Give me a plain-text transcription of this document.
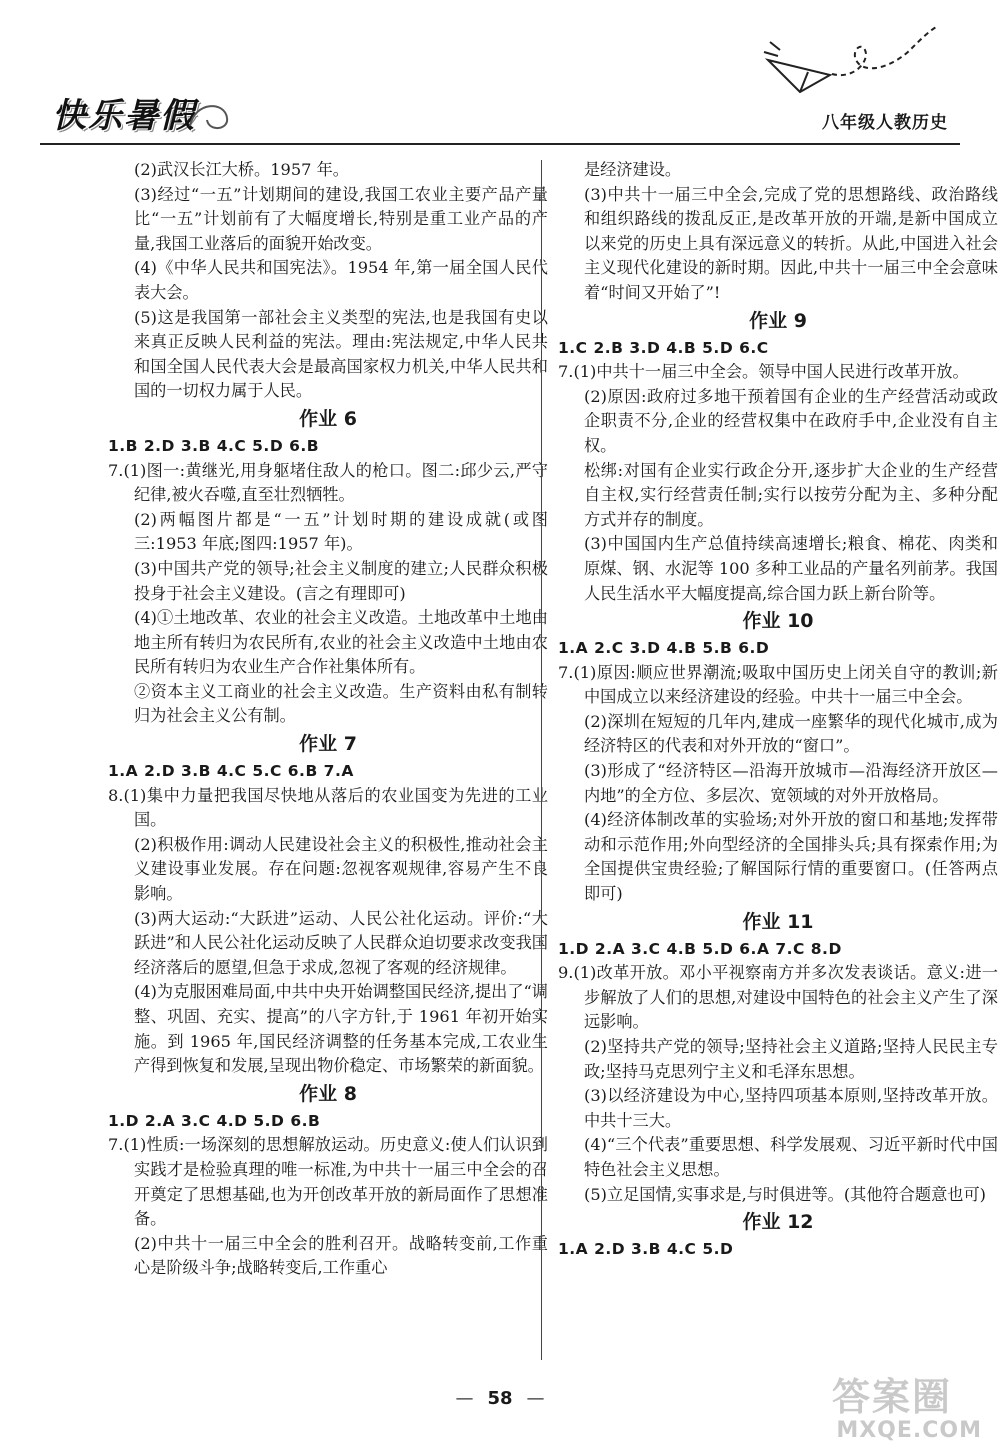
快乐暑假	八年级人教历史
(2)武汉长江大桥。1957 年。
(3)经过“一五”计划期间的建设,我国工农业主要产品产量比“一五”计划前有了大幅度增长,特别是重工业产品的产量,我国工业落后的面貌开始改变。
(4)《中华人民共和国宪法》。1954 年,第一届全国人民代表大会。
(5)这是我国第一部社会主义类型的宪法,也是我国有史以来真正反映人民利益的宪法。理由:宪法规定,中华人民共和国全国人民代表大会是最高国家权力机关,中华人民共和国的一切权力属于人民。
作业 6
1.B 2.D 3.B 4.C 5.D 6.B
7.(1)图一:黄继光,用身躯堵住敌人的枪口。图二:邱少云,严守纪律,被火吞噬,直至壮烈牺牲。
(2)两幅图片都是“一五”计划时期的建设成就(或图三:1953 年底;图四:1957 年)。
(3)中国共产党的领导;社会主义制度的建立;人民群众积极投身于社会主义建设。(言之有理即可)
(4)①土地改革、农业的社会主义改造。土地改革中土地由地主所有转归为农民所有,农业的社会主义改造中土地由农民所有转归为农业生产合作社集体所有。
②资本主义工商业的社会主义改造。生产资料由私有制转归为社会主义公有制。
作业 7
1.A 2.D 3.B 4.C 5.C 6.B 7.A
8.(1)集中力量把我国尽快地从落后的农业国变为先进的工业国。
(2)积极作用:调动人民建设社会主义的积极性,推动社会主义建设事业发展。存在问题:忽视客观规律,容易产生不良影响。
(3)两大运动:“大跃进”运动、人民公社化运动。评价:“大跃进”和人民公社化运动反映了人民群众迫切要求改变我国经济落后的愿望,但急于求成,忽视了客观的经济规律。
(4)为克服困难局面,中共中央开始调整国民经济,提出了“调整、巩固、充实、提高”的八字方针,于 1961 年初开始实施。到 1965 年,国民经济调整的任务基本完成,工农业生产得到恢复和发展,呈现出物价稳定、市场繁荣的新面貌。
作业 8
1.D 2.A 3.C 4.D 5.D 6.B
7.(1)性质:一场深刻的思想解放运动。历史意义:使人们认识到实践才是检验真理的唯一标准,为中共十一届三中全会的召开奠定了思想基础,也为开创改革开放的新局面作了思想准备。
(2)中共十一届三中全会的胜利召开。战略转变前,工作重心是阶级斗争;战略转变后,工作重心
是经济建设。
(3)中共十一届三中全会,完成了党的思想路线、政治路线和组织路线的拨乱反正,是改革开放的开端,是新中国成立以来党的历史上具有深远意义的转折。从此,中国进入社会主义现代化建设的新时期。因此,中共十一届三中全会意味着“时间又开始了”!
作业 9
1.C 2.B 3.D 4.B 5.D 6.C
7.(1)中共十一届三中全会。领导中国人民进行改革开放。
(2)原因:政府过多地干预着国有企业的生产经营活动或政企职责不分,企业的经营权集中在政府手中,企业没有自主权。
松绑:对国有企业实行政企分开,逐步扩大企业的生产经营自主权,实行经营责任制;实行以按劳分配为主、多种分配方式并存的制度。
(3)中国国内生产总值持续高速增长;粮食、棉花、肉类和原煤、钢、水泥等 100 多种工业品的产量名列前茅。我国人民生活水平大幅度提高,综合国力跃上新台阶等。
作业 10
1.A 2.C 3.D 4.B 5.B 6.D
7.(1)原因:顺应世界潮流;吸取中国历史上闭关自守的教训;新中国成立以来经济建设的经验。中共十一届三中全会。
(2)深圳在短短的几年内,建成一座繁华的现代化城市,成为经济特区的代表和对外开放的“窗口”。
(3)形成了“经济特区—沿海开放城市—沿海经济开放区—内地”的全方位、多层次、宽领域的对外开放格局。
(4)经济体制改革的实验场;对外开放的窗口和基地;发挥带动和示范作用;外向型经济的全国排头兵;具有探索作用;为全国提供宝贵经验;了解国际行情的重要窗口。(任答两点即可)
作业 11
1.D 2.A 3.C 4.B 5.D 6.A 7.C 8.D
9.(1)改革开放。邓小平视察南方并多次发表谈话。意义:进一步解放了人们的思想,对建设中国特色的社会主义产生了深远影响。
(2)坚持共产党的领导;坚持社会主义道路;坚持人民民主专政;坚持马克思列宁主义和毛泽东思想。
(3)以经济建设为中心,坚持四项基本原则,坚持改革开放。中共十三大。
(4)“三个代表”重要思想、科学发展观、习近平新时代中国特色社会主义思想。
(5)立足国情,实事求是,与时俱进等。(其他符合题意也可)
作业 12
1.A 2.D 3.B 4.C 5.D
— 58 —	答案圈
MXQE.COM
